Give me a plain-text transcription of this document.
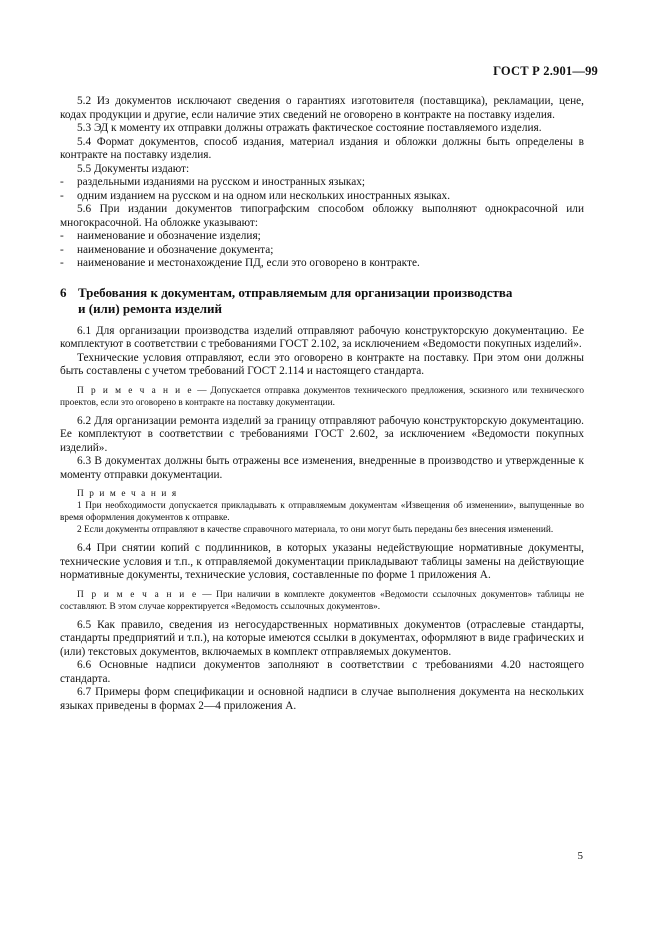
ГОСТ Р 2.901—99

5.2 Из документов исключают сведения о гарантиях изготовителя (поставщика), рекламации, цене, кодах продукции и другие, если наличие этих сведений не оговорено в контракте на поставку изделия.

5.3 ЭД к моменту их отправки должны отражать фактическое состояние поставляемого изделия.

5.4 Формат документов, способ издания, материал издания и обложки должны быть определены в контракте на поставку изделия.

5.5 Документы издают:

- раздельными изданиями на русском и иностранных языках;

- одним изданием на русском и на одном или нескольких иностранных языках.

5.6 При издании документов типографским способом обложку выполняют однокрасочной или многокрасочной. На обложке указывают:

- наименование и обозначение изделия;

- наименование и обозначение документа;

- наименование и местонахождение ПД, если это оговорено в контракте.

6 Требования к документам, отправляемым для организации производства
и (или) ремонта изделий

6.1 Для организации производства изделий отправляют рабочую конструкторскую документацию. Ее комплектуют в соответствии с требованиями ГОСТ 2.102, за исключением «Ведомости покупных изделий».

Технические условия отправляют, если это оговорено в контракте на поставку. При этом они должны быть составлены с учетом требований ГОСТ 2.114 и настоящего стандарта.

П р и м е ч а н и е — Допускается отправка документов технического предложения, эскизного или технического проектов, если это оговорено в контракте на поставку документации.

6.2 Для организации ремонта изделий за границу отправляют рабочую конструкторскую документацию. Ее комплектуют в соответствии с требованиями ГОСТ 2.602, за исключением «Ведомости покупных изделий».

6.3 В документах должны быть отражены все изменения, внедренные в производство и утвержденные к моменту отправки документации.

П р и м е ч а н и я

1 При необходимости допускается прикладывать к отправляемым документам «Извещения об изменении», выпущенные во время оформления документов к отправке.

2 Если документы отправляют в качестве справочного материала, то они могут быть переданы без внесения изменений.

6.4 При снятии копий с подлинников, в которых указаны недействующие нормативные документы, технические условия и т.п., к отправляемой документации прикладывают таблицы замены на действующие нормативные документы, технические условия, составленные по форме 1 приложения А.

П р и м е ч а н и е — При наличии в комплекте документов «Ведомости ссылочных документов» таблицы не составляют. В этом случае корректируется «Ведомость ссылочных документов».

6.5 Как правило, сведения из негосударственных нормативных документов (отраслевые стандарты, стандарты предприятий и т.п.), на которые имеются ссылки в документах, оформляют в виде графических и (или) текстовых документов, включаемых в комплект отправляемых документов.

6.6 Основные надписи документов заполняют в соответствии с требованиями 4.20 настоящего стандарта.

6.7 Примеры форм спецификации и основной надписи в случае выполнения документа на нескольких языках приведены в формах 2—4 приложения А.

5
